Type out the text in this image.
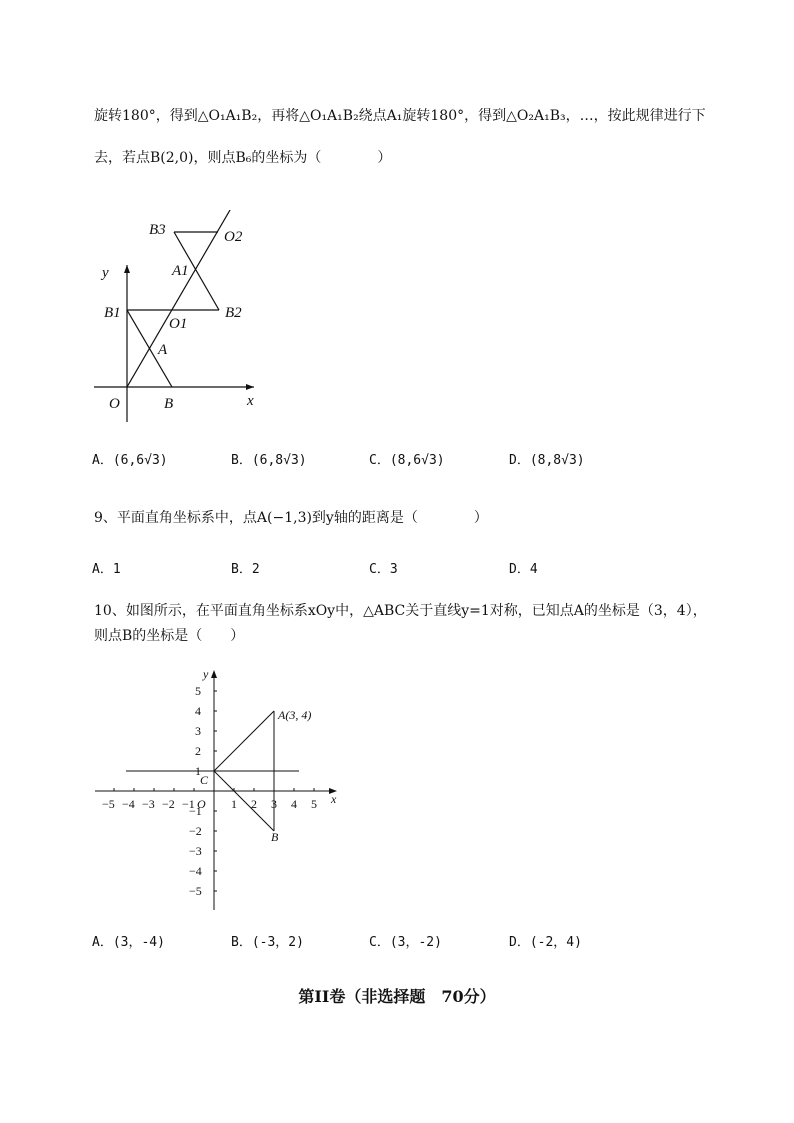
旋转180°，得到△O₁A₁B₂，再将△O₁A₁B₂绕点A₁旋转180°，得到△O₂A₁B₃，…，按此规律进行下
去，若点B(2,0)，则点B₆的坐标为（　　　　）
y
x
O	B
A
B1
O1
B2
A1
B3	O2
A．(6,6√3)	B．(6,8√3)	C．(8,6√3)	D．(8,8√3)
9、平面直角坐标系中，点A(−1,3)到y轴的距离是（　　　　）
A．1	B．2	C．3	D．4
10、如图所示，在平面直角坐标系xOy中，△ABC关于直线y=1对称，已知点A的坐标是（3，4），
则点B的坐标是（　　）
y
x
O
A(3, 4)
B
C
−5 −4 −3 −2 −1	1 2 3 4 5
5
4
3
2
1
−1
−2
−3
−4
−5
A．(3，-4)	B．(-3，2)	C．(3，-2)	D．(-2，4)
第II卷（非选择题　70分）
